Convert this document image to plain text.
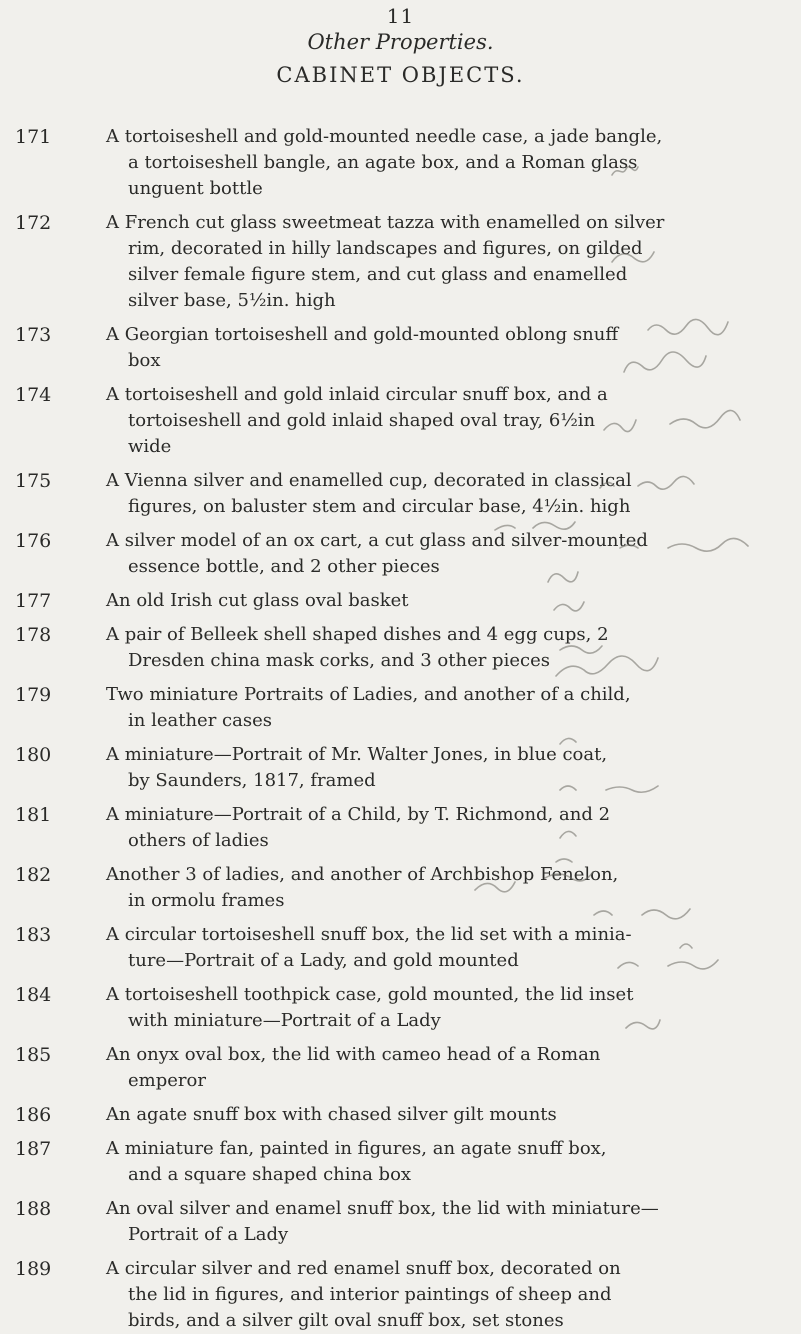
11
Other Properties.
CABINET OBJECTS.
171	A tortoiseshell and gold-mounted needle case, a jade bangle,
a tortoiseshell bangle, an agate box, and a Roman glass
unguent bottle
172	A French cut glass sweetmeat tazza with enamelled on silver
rim, decorated in hilly landscapes and figures, on gilded
silver female figure stem, and cut glass and enamelled
silver base, 5½in. high
173	A Georgian tortoiseshell and gold-mounted oblong snuff
box
174	A tortoiseshell and gold inlaid circular snuff box, and a
tortoiseshell and gold inlaid shaped oval tray, 6½in
wide
175	A Vienna silver and enamelled cup, decorated in classical
figures, on baluster stem and circular base, 4½in. high
176	A silver model of an ox cart, a cut glass and silver-mounted
essence bottle, and 2 other pieces
177	An old Irish cut glass oval basket
178	A pair of Belleek shell shaped dishes and 4 egg cups, 2
Dresden china mask corks, and 3 other pieces
179	Two miniature Portraits of Ladies, and another of a child,
in leather cases
180	A miniature—Portrait of Mr. Walter Jones, in blue coat,
by Saunders, 1817, framed
181	A miniature—Portrait of a Child, by T. Richmond, and 2
others of ladies
182	Another 3 of ladies, and another of Archbishop Fenelon,
in ormolu frames
183	A circular tortoiseshell snuff box, the lid set with a minia-
ture—Portrait of a Lady, and gold mounted
184	A tortoiseshell toothpick case, gold mounted, the lid inset
with miniature—Portrait of a Lady
185	An onyx oval box, the lid with cameo head of a Roman
emperor
186	An agate snuff box with chased silver gilt mounts
187	A miniature fan, painted in figures, an agate snuff box,
and a square shaped china box
188	An oval silver and enamel snuff box, the lid with miniature—
Portrait of a Lady
189	A circular silver and red enamel snuff box, decorated on
the lid in figures, and interior paintings of sheep and
birds, and a silver gilt oval snuff box, set stones
